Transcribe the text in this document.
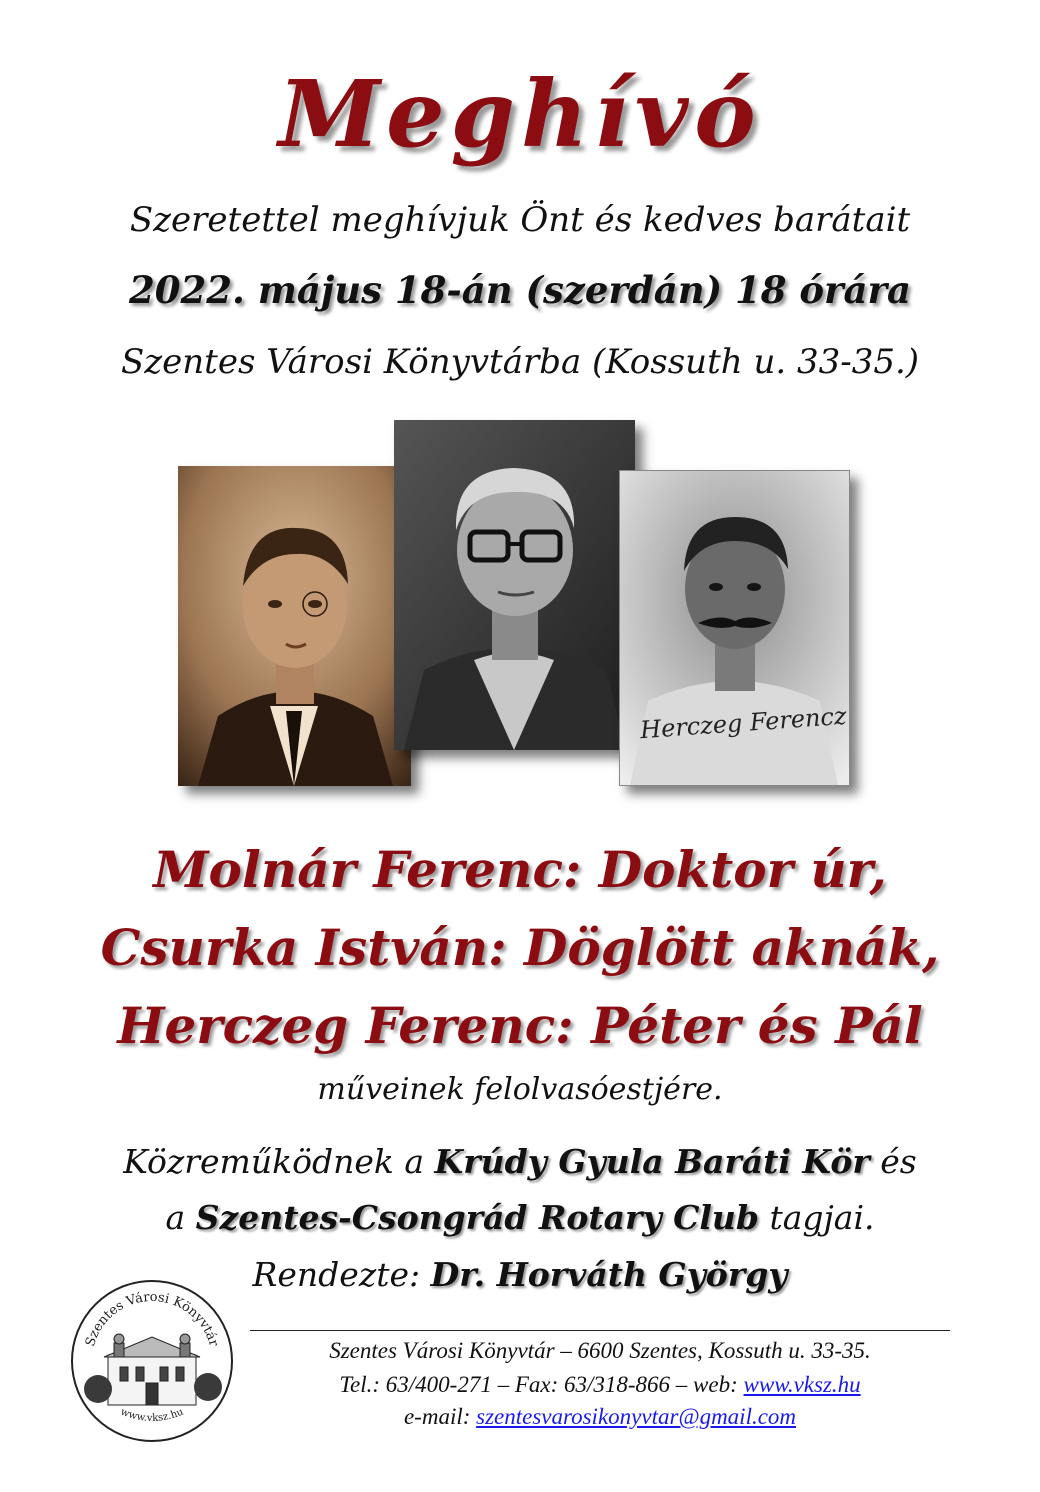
Meghívó
Szeretettel meghívjuk Önt és kedves barátait
2022. május 18-án (szerdán) 18 órára
Szentes Városi Könyvtárba (Kossuth u. 33-35.)
Herczeg Ferencz
Molnár Ferenc: Doktor úr,
Csurka István: Döglött aknák,
Herczeg Ferenc: Péter és Pál
műveinek felolvasóestjére.
Közreműködnek a Krúdy Gyula Baráti Kör és
a Szentes-Csongrád Rotary Club tagjai.
Rendezte: Dr. Horváth György
Szentes Városi Könyvtár
www.vksz.hu
Szentes Városi Könyvtár – 6600 Szentes, Kossuth u. 33-35.
Tel.: 63/400-271 – Fax: 63/318-866 – web: www.vksz.hu
e-mail: szentesvarosikonyvtar@gmail.com
